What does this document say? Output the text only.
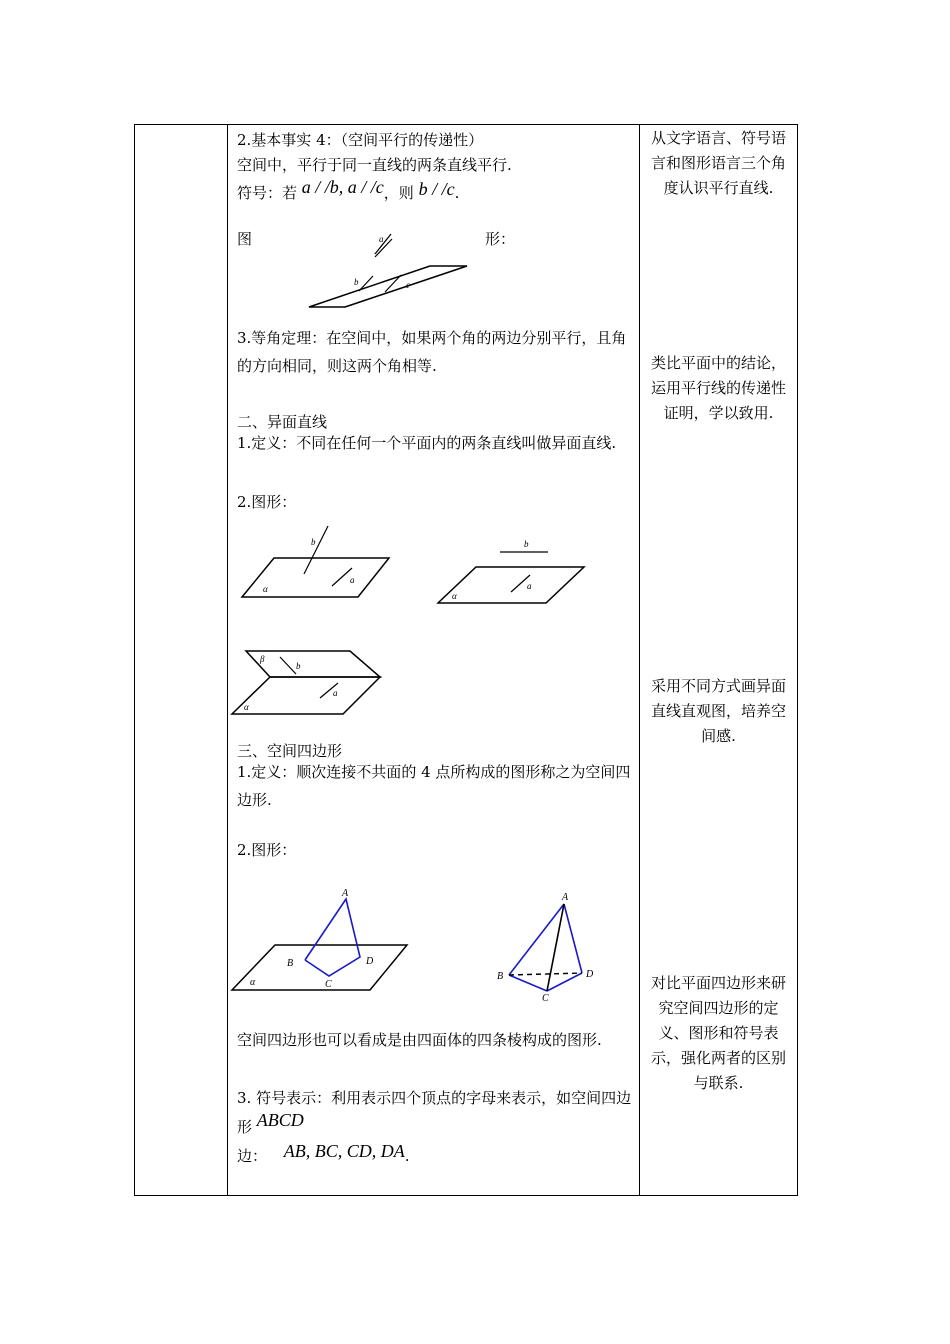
2.基本事实 4：（空间平行的传递性）
空间中，平行于同一直线的两条直线平行.
符号：若 a / /b, a / /c，则 b / /c.
图	形：
a
b	c
3.等角定理：在空间中，如果两个角的两边分别平行，且角的方向相同，则这两个角相等.
二、异面直线
1.定义：不同在任何一个平面内的两条直线叫做异面直线.
2.图形：
b
a
α
b
a
α
β
b
a
α
三、空间四边形
1.定义：顺次连接不共面的 4 点所构成的图形称之为空间四边形.
2.图形：
A
B
C
D
α
A
B
C
D
空间四边形也可以看成是由四面体的四条棱构成的图形.
3. 符号表示：利用表示四个顶点的字母来表示，如空间四边形 ABCD
边： AB, BC, CD, DA.
从文字语言、符号语言和图形语言三个角度认识平行直线.
类比平面中的结论，运用平行线的传递性证明，学以致用.
采用不同方式画异面直线直观图，培养空间感.
对比平面四边形来研究空间四边形的定义、图形和符号表示，强化两者的区别与联系.
